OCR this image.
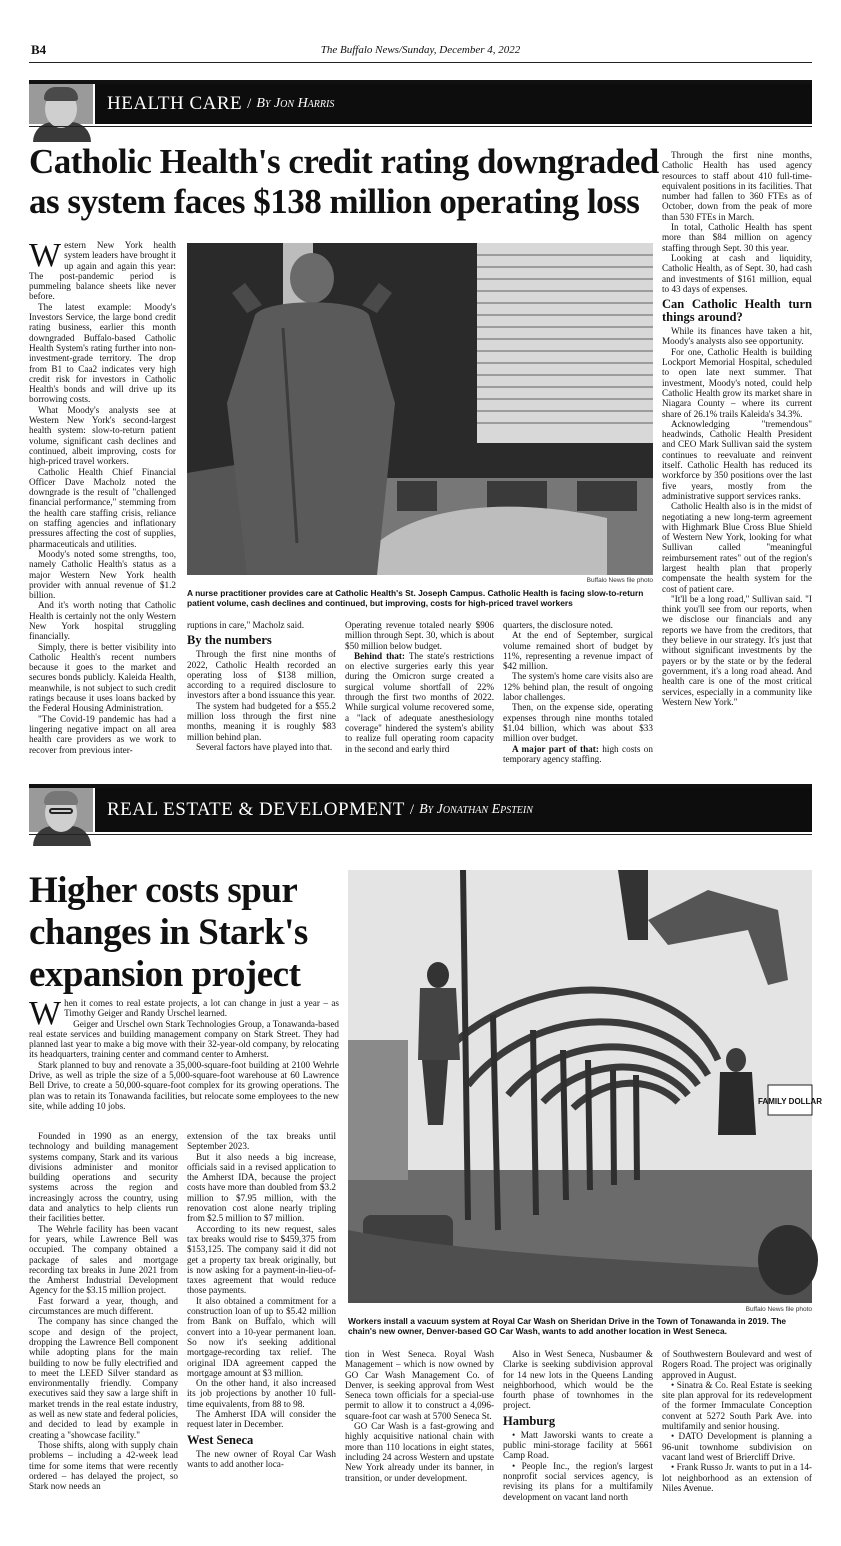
B4	The Buffalo News/Sunday, December 4, 2022
HEALTH CARE / By Jon Harris
Catholic Health's credit rating downgraded
as system faces $138 million operating loss

Western New York health system leaders have brought it up again and again this year: The post-pandemic period is pummeling balance sheets like never before.

The latest example: Moody's Investors Service, the large bond credit rating business, earlier this month downgraded Buffalo-based Catholic Health System's rating further into non-investment-grade territory. The drop from B1 to Caa2 indicates very high credit risk for investors in Catholic Health's bonds and will drive up its borrowing costs.

What Moody's analysts see at Western New York's second-largest health system: slow-to-return patient volume, significant cash declines and continued, albeit improving, costs for high-priced travel workers.

Catholic Health Chief Financial Officer Dave Macholz noted the downgrade is the result of "challenged financial performance," stemming from the health care staffing crisis, reliance on staffing agencies and inflationary pressures affecting the cost of supplies, pharmaceuticals and utilities.

Moody's noted some strengths, too, namely Catholic Health's status as a major Western New York health provider with annual revenue of $1.2 billion.

And it's worth noting that Catholic Health is certainly not the only Western New York hospital struggling financially.

Simply, there is better visibility into Catholic Health's recent numbers because it goes to the market and secures bonds publicly. Kaleida Health, meanwhile, is not subject to such credit ratings because it uses loans backed by the Federal Housing Administration.

"The Covid-19 pandemic has had a lingering negative impact on all area health care providers as we work to recover from previous inter-

Buffalo News file photo
A nurse practitioner provides care at Catholic Health's St. Joseph Campus. Catholic Health is facing slow-to-return patient volume, cash declines and continued, but improving, costs for high-priced travel workers

ruptions in care," Macholz said.

By the numbers

Through the first nine months of 2022, Catholic Health recorded an operating loss of $138 million, according to a required disclosure to investors after a bond issuance this year.

The system had budgeted for a $55.2 million loss through the first nine months, meaning it is roughly $83 million behind plan.

Several factors have played into that.

Operating revenue totaled nearly $906 million through Sept. 30, which is about $50 million below budget.

Behind that: The state's restrictions on elective surgeries early this year during the Omicron surge created a surgical volume shortfall of 22% through the first two months of 2022. While surgical volume recovered some, a "lack of adequate anesthesiology coverage" hindered the system's ability to realize full operating room capacity in the second and early third

quarters, the disclosure noted.

At the end of September, surgical volume remained short of budget by 11%, representing a revenue impact of $42 million.

The system's home care visits also are 12% behind plan, the result of ongoing labor challenges.

Then, on the expense side, operating expenses through nine months totaled $1.04 billion, which was about $33 million over budget.

A major part of that: high costs on temporary agency staffing.

Through the first nine months, Catholic Health has used agency resources to staff about 410 full-time-equivalent positions in its facilities. That number had fallen to 360 FTEs as of October, down from the peak of more than 530 FTEs in March.

In total, Catholic Health has spent more than $84 million on agency staffing through Sept. 30 this year.

Looking at cash and liquidity, Catholic Health, as of Sept. 30, had cash and investments of $161 million, equal to 43 days of expenses.

Can Catholic Health turn things around?

While its finances have taken a hit, Moody's analysts also see opportunity.

For one, Catholic Health is building Lockport Memorial Hospital, scheduled to open late next summer. That investment, Moody's noted, could help Catholic Health grow its market share in Niagara County – where its current share of 26.1% trails Kaleida's 34.3%.

Acknowledging "tremendous" headwinds, Catholic Health President and CEO Mark Sullivan said the system continues to reevaluate and reinvent itself. Catholic Health has reduced its workforce by 350 positions over the last five years, mostly from the administrative support services ranks.

Catholic Health also is in the midst of negotiating a new long-term agreement with Highmark Blue Cross Blue Shield of Western New York, looking for what Sullivan called "meaningful reimbursement rates" out of the region's largest health plan that properly compensate the health system for the cost of patient care.

"It'll be a long road," Sullivan said. "I think you'll see from our reports, when we disclose our financials and any reports we have from the creditors, that they believe in our strategy. It's just that without significant investments by the payers or by the state or by the federal government, it's a long road ahead. And health care is one of the most critical services, especially in a community like Western New York."

REAL ESTATE & DEVELOPMENT / By Jonathan Epstein
Higher costs spur
changes in Stark's
expansion project

When it comes to real estate projects, a lot can change in just a year – as Timothy Geiger and Randy Urschel learned.

Geiger and Urschel own Stark Technologies Group, a Tonawanda-based real estate services and building management company on Stark Street. They had planned last year to make a big move with their 32-year-old company, by relocating its headquarters, training center and command center to Amherst.

Stark planned to buy and renovate a 35,000-square-foot building at 2100 Wehrle Drive, as well as triple the size of a 5,000-square-foot warehouse at 60 Lawrence Bell Drive, to create a 50,000-square-foot complex for its growing operations. The plan was to retain its Tonawanda facilities, but relocate some employees to the new site, while adding 10 jobs.	FAMILY DOLLAR
Buffalo News file photo
Workers install a vacuum system at Royal Car Wash on Sheridan Drive in the Town of Tonawanda in 2019. The chain's new owner, Denver-based GO Car Wash, wants to add another location in West Seneca.

Founded in 1990 as an energy, technology and building management systems company, Stark and its various divisions administer and monitor building operations and security systems across the region and increasingly across the country, using data and analytics to help clients run their facilities better.

The Wehrle facility has been vacant for years, while Lawrence Bell was occupied. The company obtained a package of sales and mortgage recording tax breaks in June 2021 from the Amherst Industrial Development Agency for the $3.15 million project.

Fast forward a year, though, and circumstances are much different.

The company has since changed the scope and design of the project, dropping the Lawrence Bell component while adopting plans for the main building to now be fully electrified and to meet the LEED Silver standard as environmentally friendly. Company executives said they saw a large shift in market trends in the real estate industry, as well as new state and federal policies, and decided to lead by example in creating a "showcase facility."

Those shifts, along with supply chain problems – including a 42-week lead time for some items that were recently ordered – has delayed the project, so Stark now needs an

extension of the tax breaks until September 2023.

But it also needs a big increase, officials said in a revised application to the Amherst IDA, because the project costs have more than doubled from $3.2 million to $7.95 million, with the renovation cost alone nearly tripling from $2.5 million to $7 million.

According to its new request, sales tax breaks would rise to $459,375 from $153,125. The company said it did not get a property tax break originally, but is now asking for a payment-in-lieu-of-taxes agreement that would reduce those payments.

It also obtained a commitment for a construction loan of up to $5.42 million from Bank on Buffalo, which will convert into a 10-year permanent loan. So now it's seeking additional mortgage-recording tax relief. The original IDA agreement capped the mortgage amount at $3 million.

On the other hand, it also increased its job projections by another 10 full-time equivalents, from 88 to 98.

The Amherst IDA will consider the request later in December.

West Seneca

The new owner of Royal Car Wash wants to add another loca-

tion in West Seneca. Royal Wash Management – which is now owned by GO Car Wash Management Co. of Denver, is seeking approval from West Seneca town officials for a special-use permit to allow it to construct a 4,096-square-foot car wash at 5700 Seneca St.

GO Car Wash is a fast-growing and highly acquisitive national chain with more than 110 locations in eight states, including 24 across Western and upstate New York already under its banner, in transition, or under development.

Also in West Seneca, Nusbaumer & Clarke is seeking subdivision approval for 14 new lots in the Queens Landing neighborhood, which would be the fourth phase of townhomes in the project.

Hamburg

• Matt Jaworski wants to create a public mini-storage facility at 5661 Camp Road.

• People Inc., the region's largest nonprofit social services agency, is revising its plans for a multifamily development on vacant land north

of Southwestern Boulevard and west of Rogers Road. The project was originally approved in August.

• Sinatra & Co. Real Estate is seeking site plan approval for its redevelopment of the former Immaculate Conception convent at 5272 South Park Ave. into multifamily and senior housing.

• DATO Development is planning a 96-unit townhome subdivision on vacant land west of Briercliff Drive.

• Frank Russo Jr. wants to put in a 14-lot neighborhood as an extension of Niles Avenue.
